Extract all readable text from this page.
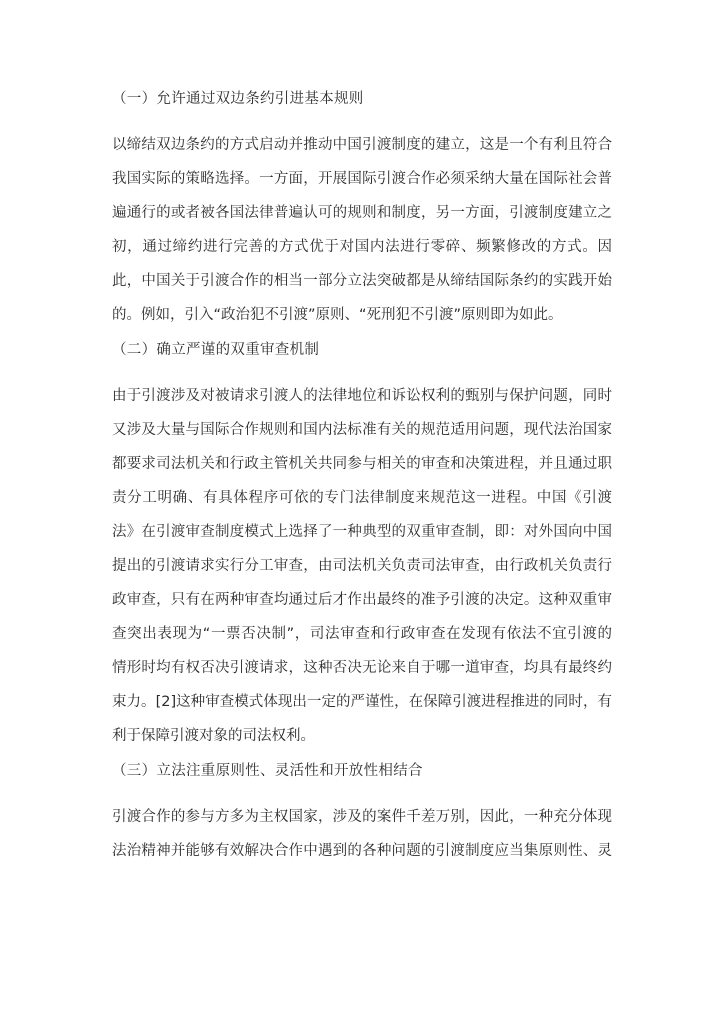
（一）允许通过双边条约引进基本规则

以缔结双边条约的方式启动并推动中国引渡制度的建立，这是一个有利且符合
我国实际的策略选择。一方面，开展国际引渡合作必须采纳大量在国际社会普
遍通行的或者被各国法律普遍认可的规则和制度，另一方面，引渡制度建立之
初，通过缔约进行完善的方式优于对国内法进行零碎、频繁修改的方式。因
此，中国关于引渡合作的相当一部分立法突破都是从缔结国际条约的实践开始
的。例如，引入“政治犯不引渡”原则、“死刑犯不引渡”原则即为如此。

（二）确立严谨的双重审查机制

由于引渡涉及对被请求引渡人的法律地位和诉讼权利的甄别与保护问题，同时
又涉及大量与国际合作规则和国内法标准有关的规范适用问题，现代法治国家
都要求司法机关和行政主管机关共同参与相关的审查和决策进程，并且通过职
责分工明确、有具体程序可依的专门法律制度来规范这一进程。中国《引渡
法》在引渡审查制度模式上选择了一种典型的双重审查制，即：对外国向中国
提出的引渡请求实行分工审查，由司法机关负责司法审查，由行政机关负责行
政审查，只有在两种审查均通过后才作出最终的准予引渡的决定。这种双重审
查突出表现为“一票否决制”，司法审查和行政审查在发现有依法不宜引渡的
情形时均有权否决引渡请求，这种否决无论来自于哪一道审查，均具有最终约
束力。[2]这种审查模式体现出一定的严谨性，在保障引渡进程推进的同时，有
利于保障引渡对象的司法权利。

（三）立法注重原则性、灵活性和开放性相结合

引渡合作的参与方多为主权国家，涉及的案件千差万别，因此，一种充分体现
法治精神并能够有效解决合作中遇到的各种问题的引渡制度应当集原则性、灵
